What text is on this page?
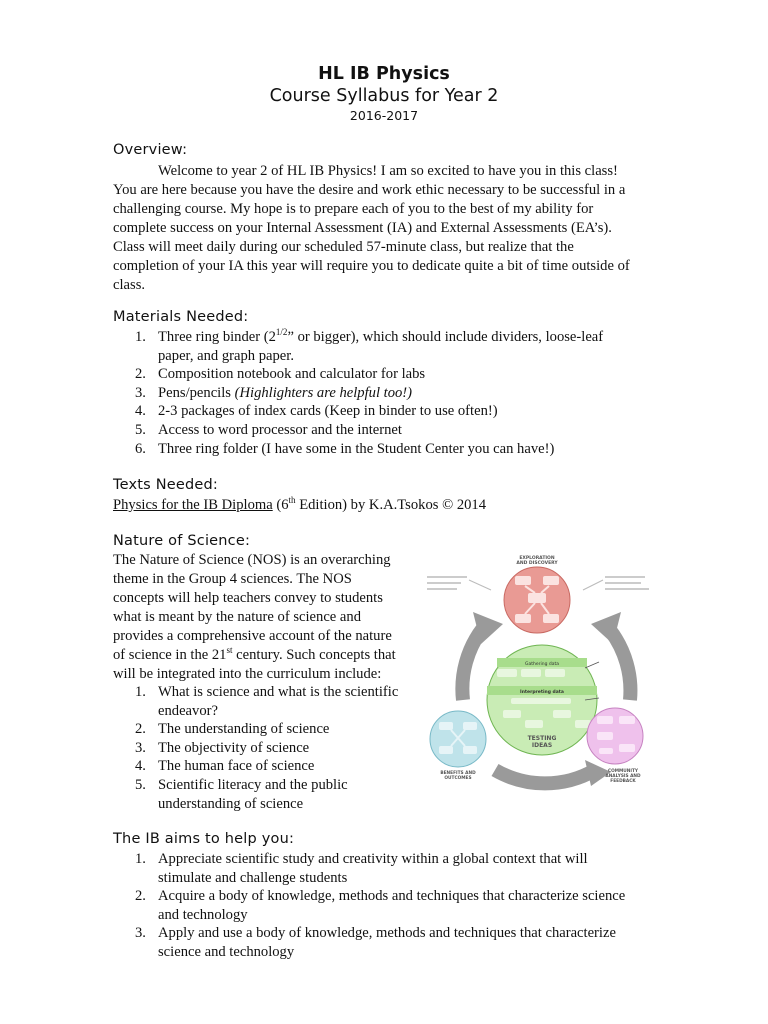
HL IB Physics
Course Syllabus for Year 2
2016-2017
Overview:
Welcome to year 2 of HL IB Physics! I am so excited to have you in this class!
You are here because you have the desire and work ethic necessary to be successful in a
challenging course. My hope is to prepare each of you to the best of my ability for
complete success on your Internal Assessment (IA) and External Assessments (EA’s).
Class will meet daily during our scheduled 57-minute class, but realize that the
completion of your IA this year will require you to dedicate quite a bit of time outside of
class.
Materials Needed:
1. Three ring binder ($2^{1/2}$” or bigger), which should include dividers, loose-leaf
paper, and graph paper.
2. Composition notebook and calculator for labs
3. Pens/pencils (Highlighters are helpful too!)
4. 2-3 packages of index cards (Keep in binder to use often!)
5. Access to word processor and the internet
6. Three ring folder (I have some in the Student Center you can have!)
Texts Needed:
Physics for the IB Diploma (6th Edition) by K.A.Tsokos © 2014
Nature of Science:
The Nature of Science (NOS) is an overarching
theme in the Group 4 sciences. The NOS
concepts will help teachers convey to students
what is meant by the nature of science and
provides a comprehensive account of the nature
of science in the 21st century. Such concepts that
will be integrated into the curriculum include:
1. What is science and what is the scientific
endeavor?
2. The understanding of science
3. The objectivity of science
4. The human face of science
5. Scientific literacy and the public
understanding of science
EXPLORATION
AND DISCOVERY
Gathering data
Interpreting data
TESTING
IDEAS
BENEFITS AND
OUTCOMES
COMMUNITY
ANALYSIS AND
FEEDBACK
The IB aims to help you:
1. Appreciate scientific study and creativity within a global context that will
stimulate and challenge students
2. Acquire a body of knowledge, methods and techniques that characterize science
and technology
3. Apply and use a body of knowledge, methods and techniques that characterize
science and technology
